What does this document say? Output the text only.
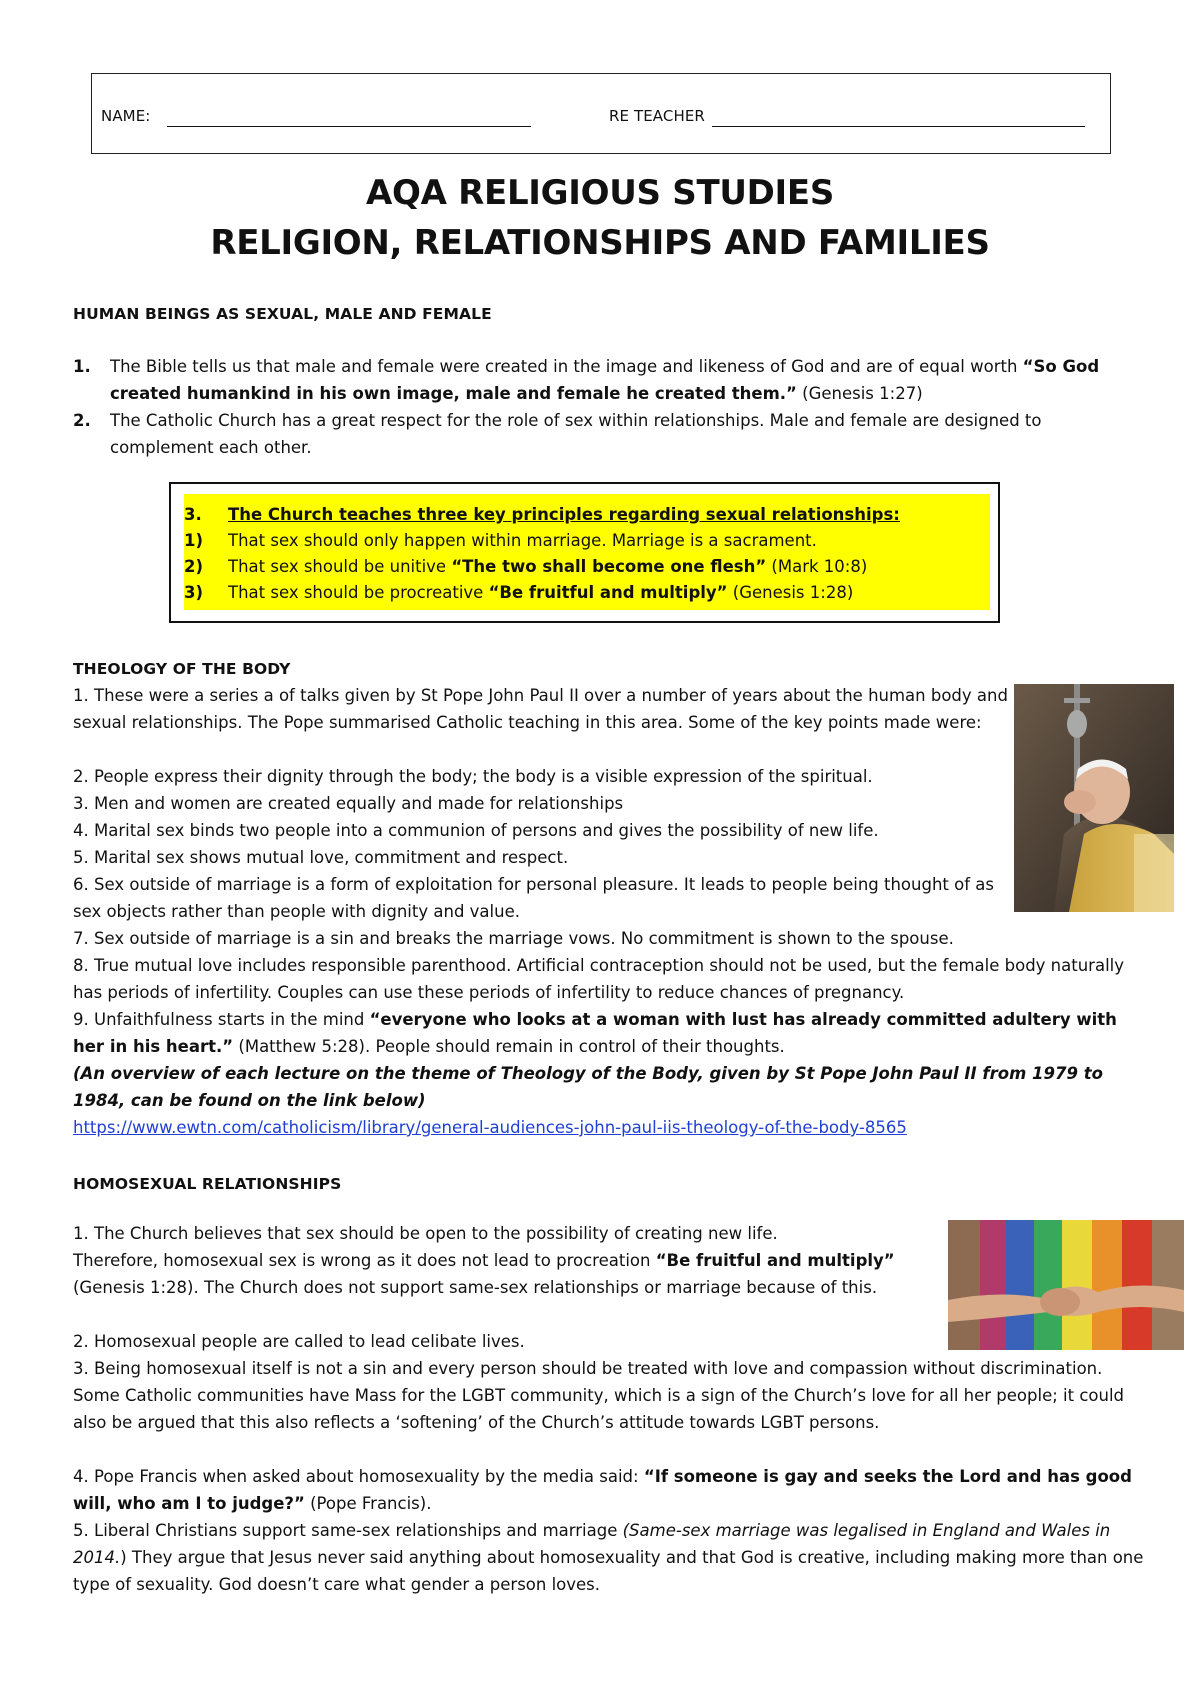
NAME:	RE TEACHER
AQA RELIGIOUS STUDIES
RELIGION, RELATIONSHIPS AND FAMILIES
HUMAN BEINGS AS SEXUAL, MALE AND FEMALE
1. The Bible tells us that male and female were created in the image and likeness of God and are of equal worth “So God created humankind in his own image, male and female he created them.” (Genesis 1:27)
2. The Catholic Church has a great respect for the role of sex within relationships. Male and female are designed to complement each other.
3. The Church teaches three key principles regarding sexual relationships:
1) That sex should only happen within marriage. Marriage is a sacrament.
2) That sex should be unitive “The two shall become one flesh” (Mark 10:8)
3) That sex should be procreative “Be fruitful and multiply” (Genesis 1:28)
THEOLOGY OF THE BODY
1. These were a series a of talks given by St Pope John Paul II over a number of years about the human body and sexual relationships. The Pope summarised Catholic teaching in this area. Some of the key points made were:
2. People express their dignity through the body; the body is a visible expression of the spiritual.
3. Men and women are created equally and made for relationships
4. Marital sex binds two people into a communion of persons and gives the possibility of new life.
5. Marital sex shows mutual love, commitment and respect.
6. Sex outside of marriage is a form of exploitation for personal pleasure. It leads to people being thought of as sex objects rather than people with dignity and value.
7. Sex outside of marriage is a sin and breaks the marriage vows. No commitment is shown to the spouse.
8. True mutual love includes responsible parenthood. Artificial contraception should not be used, but the female body naturally has periods of infertility. Couples can use these periods of infertility to reduce chances of pregnancy.
9. Unfaithfulness starts in the mind “everyone who looks at a woman with lust has already committed adultery with her in his heart.” (Matthew 5:28). People should remain in control of their thoughts.
(An overview of each lecture on the theme of Theology of the Body, given by St Pope John Paul II from 1979 to 1984, can be found on the link below)
https://www.ewtn.com/catholicism/library/general-audiences-john-paul-iis-theology-of-the-body-8565
HOMOSEXUAL RELATIONSHIPS
1. The Church believes that sex should be open to the possibility of creating new life.
Therefore, homosexual sex is wrong as it does not lead to procreation “Be fruitful and multiply” (Genesis 1:28). The Church does not support same-sex relationships or marriage because of this.
2. Homosexual people are called to lead celibate lives.
3. Being homosexual itself is not a sin and every person should be treated with love and compassion without discrimination. Some Catholic communities have Mass for the LGBT community, which is a sign of the Church’s love for all her people; it could also be argued that this also reflects a ‘softening’ of the Church’s attitude towards LGBT persons.
4. Pope Francis when asked about homosexuality by the media said: “If someone is gay and seeks the Lord and has good will, who am I to judge?” (Pope Francis).
5. Liberal Christians support same-sex relationships and marriage (Same-sex marriage was legalised in England and Wales in 2014.) They argue that Jesus never said anything about homosexuality and that God is creative, including making more than one type of sexuality. God doesn’t care what gender a person loves.
